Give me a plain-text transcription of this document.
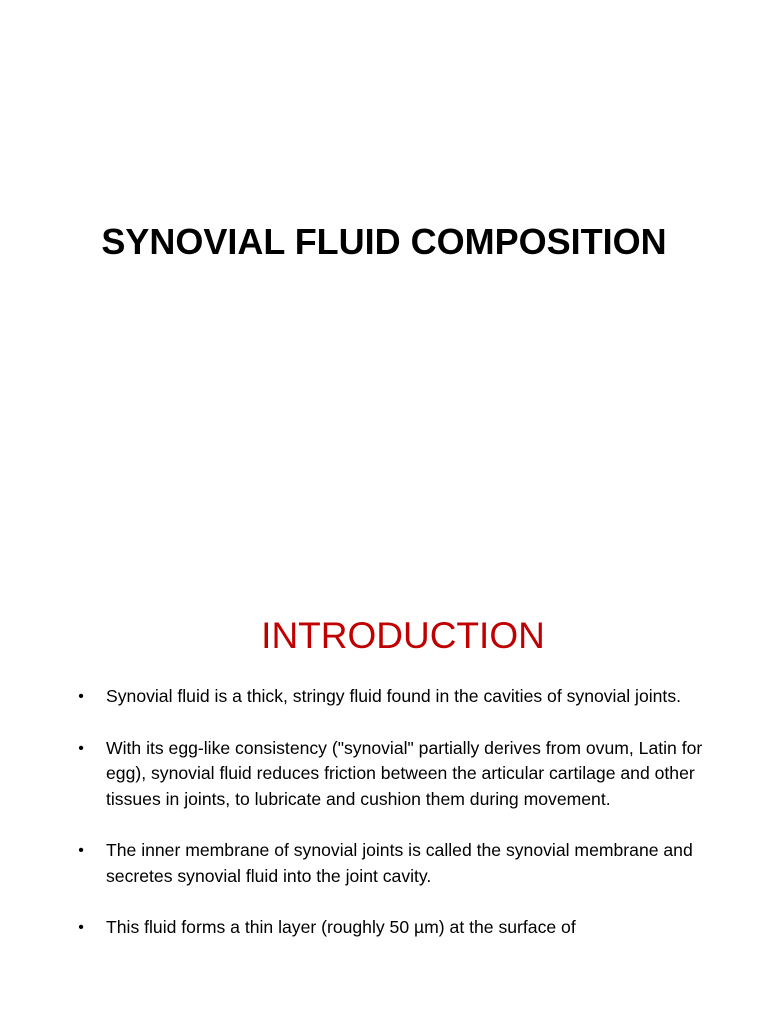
SYNOVIAL FLUID COMPOSITION
INTRODUCTION
• Synovial fluid is a thick, stringy fluid found in the cavities of synovial joints.
• With its egg-like consistency ("synovial" partially derives from ovum, Latin for egg), synovial fluid reduces friction between the articular cartilage and other tissues in joints, to lubricate and cushion them during movement.
• The inner membrane of synovial joints is called the synovial membrane and secretes synovial fluid into the joint cavity.
• This fluid forms a thin layer (roughly 50 µm) at the surface of
